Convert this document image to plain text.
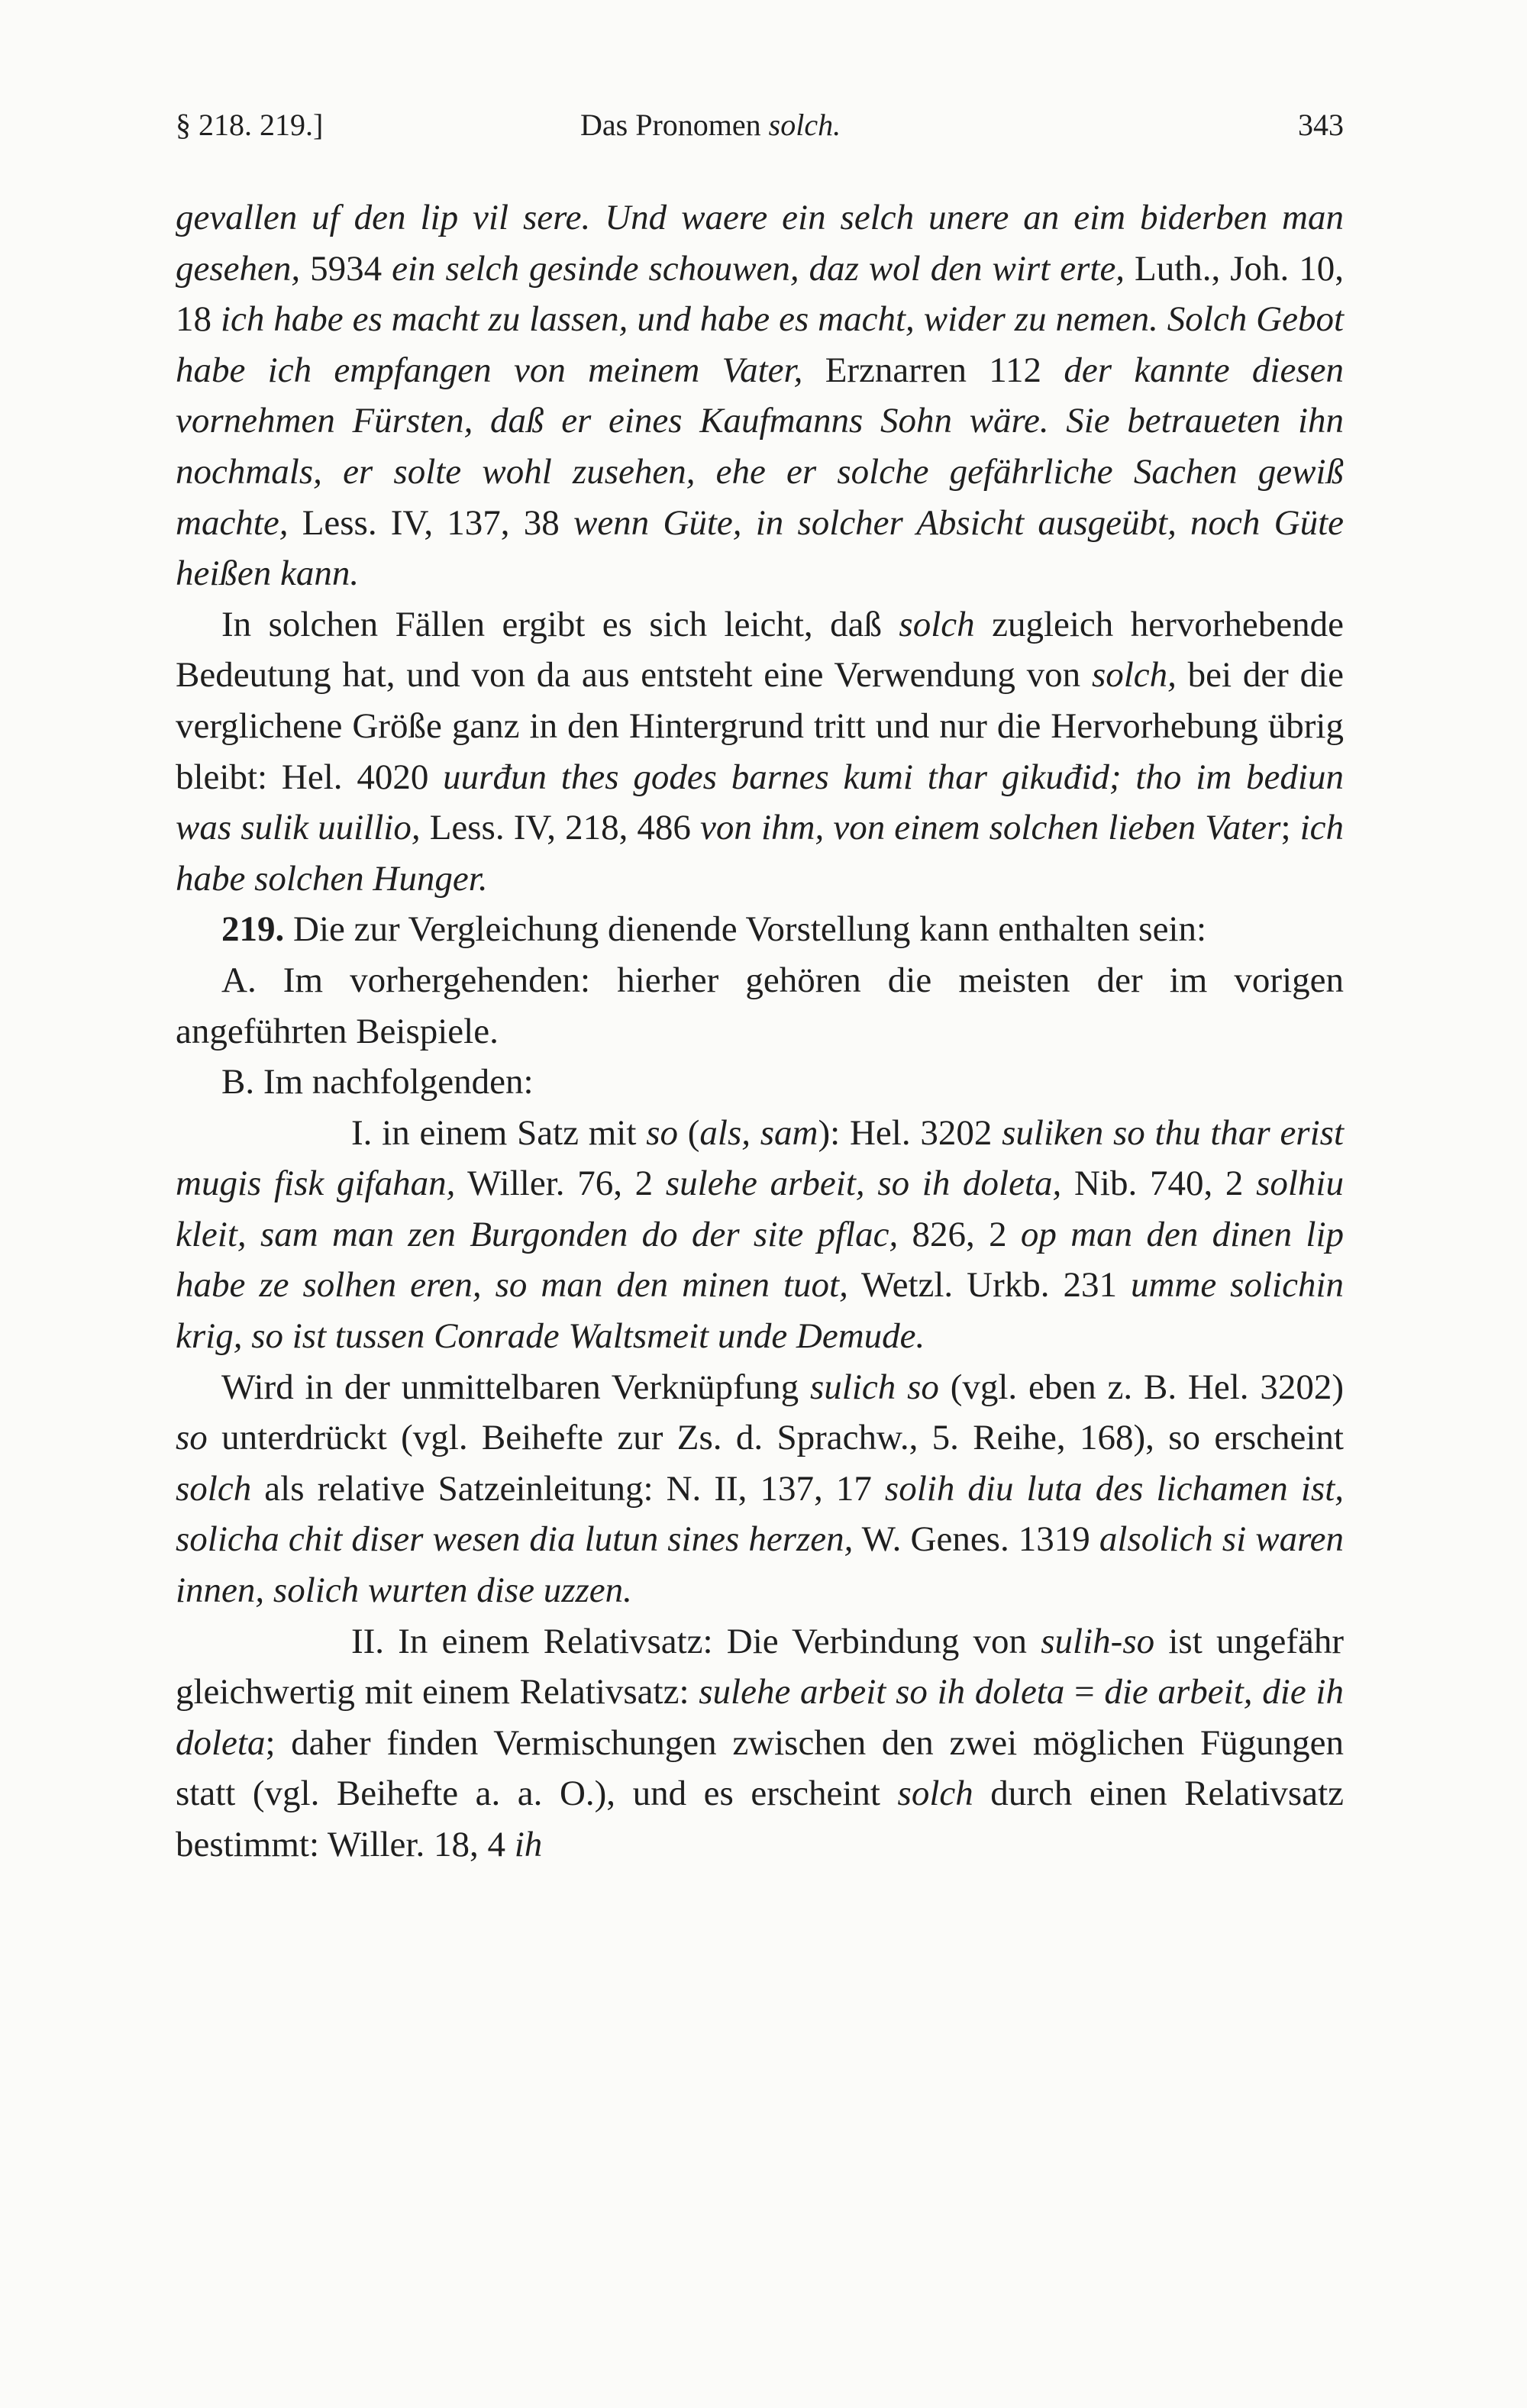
§ 218. 219.]	Das Pronomen solch.	343

gevallen uf den lip vil sere. Und waere ein selch unere an eim biderben man gesehen, 5934 ein selch gesinde schouwen, daz wol den wirt erte, Luth., Joh. 10, 18 ich habe es macht zu lassen, und habe es macht, wider zu nemen. Solch Gebot habe ich empfangen von meinem Vater, Erznarren 112 der kannte diesen vornehmen Fürsten, daß er eines Kaufmanns Sohn wäre. Sie betraueten ihn nochmals, er solte wohl zusehen, ehe er solche gefährliche Sachen gewiß machte, Less. IV, 137, 38 wenn Güte, in solcher Absicht ausgeübt, noch Güte heißen kann.

In solchen Fällen ergibt es sich leicht, daß solch zugleich hervorhebende Bedeutung hat, und von da aus entsteht eine Verwendung von solch, bei der die verglichene Größe ganz in den Hintergrund tritt und nur die Hervorhebung übrig bleibt: Hel. 4020 uurđun thes godes barnes kumi thar gikuđid; tho im bediun was sulik uuillio, Less. IV, 218, 486 von ihm, von einem solchen lieben Vater; ich habe solchen Hunger.

219. Die zur Vergleichung dienende Vorstellung kann enthalten sein:

A. Im vorhergehenden: hierher gehören die meisten der im vorigen angeführten Beispiele.

B. Im nachfolgenden:

I. in einem Satz mit so (als, sam): Hel. 3202 suliken so thu thar erist mugis fisk gifahan, Willer. 76, 2 sulehe arbeit, so ih doleta, Nib. 740, 2 solhiu kleit, sam man zen Burgonden do der site pflac, 826, 2 op man den dinen lip habe ze solhen eren, so man den minen tuot, Wetzl. Urkb. 231 umme solichin krig, so ist tussen Conrade Waltsmeit unde Demude.

Wird in der unmittelbaren Verknüpfung sulich so (vgl. eben z. B. Hel. 3202) so unterdrückt (vgl. Beihefte zur Zs. d. Sprachw., 5. Reihe, 168), so erscheint solch als relative Satzeinleitung: N. II, 137, 17 solih diu luta des lichamen ist, solicha chit diser wesen dia lutun sines herzen, W. Genes. 1319 alsolich si waren innen, solich wurten dise uzzen.

II. In einem Relativsatz: Die Verbindung von sulih-so ist ungefähr gleichwertig mit einem Relativsatz: sulehe arbeit so ih doleta = die arbeit, die ih doleta; daher finden Vermischungen zwischen den zwei möglichen Fügungen statt (vgl. Beihefte a. a. O.), und es erscheint solch durch einen Relativsatz bestimmt: Willer. 18, 4 ih
